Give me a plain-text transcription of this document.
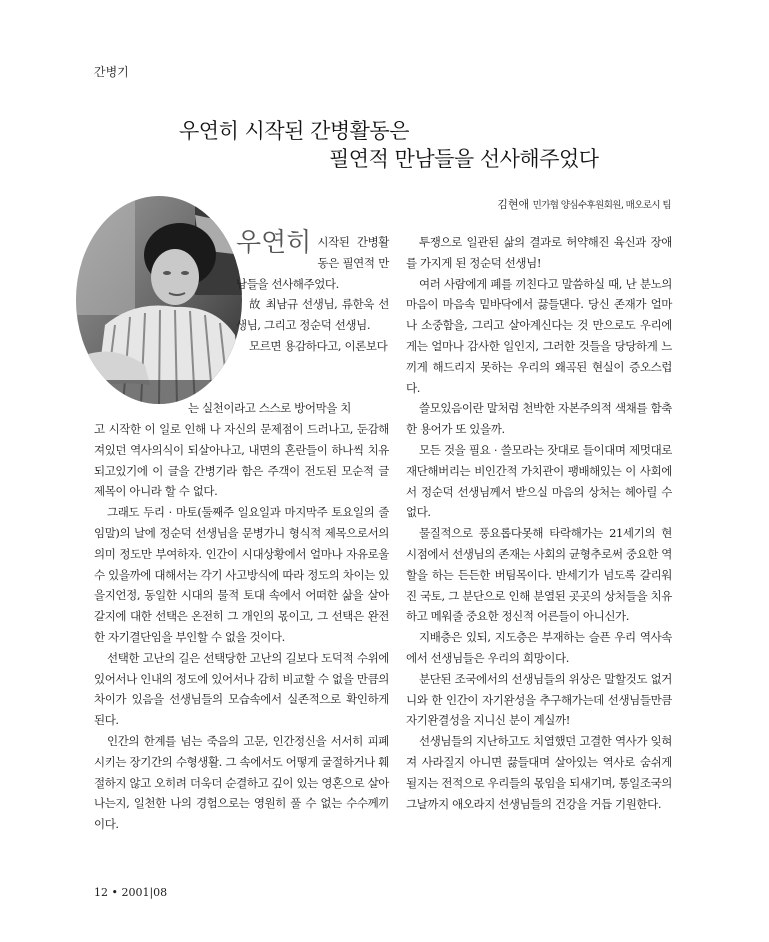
간병기
우연히 시작된 간병활동은
필연적 만남들을 선사해주었다
김현애 민가협 양심수후원회원, 매오로시 팀

우연히 시작된 간병활동은 필연적 만남들을 선사해주었다.

故 최남규 선생님, 류한욱 선생님, 그리고 정순덕 선생님.

모르면 용감하다고, 이론보다

는 실천이라고 스스로 방어막을 치

고 시작한 이 일로 인해 나 자신의 문제점이 드러나고, 둔감해져있던 역사의식이 되살아나고, 내면의 혼란들이 하나씩 치유되고있기에 이 글을 간병기라 함은 주객이 전도된 모순적 글 제목이 아니라 할 수 없다.

그래도 두리 · 마토(둘째주 일요일과 마지막주 토요일의 줄임말)의 날에 정순덕 선생님을 문병가니 형식적 제목으로서의 의미 정도만 부여하자. 인간이 시대상황에서 얼마나 자유로울 수 있을까에 대해서는 각기 사고방식에 따라 정도의 차이는 있을지언정, 동일한 시대의 물적 토대 속에서 어떠한 삶을 살아갈지에 대한 선택은 온전히 그 개인의 몫이고, 그 선택은 완전한 자기결단임을 부인할 수 없을 것이다.

선택한 고난의 길은 선택당한 고난의 길보다 도덕적 수위에 있어서나 인내의 정도에 있어서나 감히 비교할 수 없을 만큼의 차이가 있음을 선생님들의 모습속에서 실존적으로 확인하게 된다.

인간의 한계를 넘는 죽음의 고문, 인간정신을 서서히 피폐시키는 장기간의 수형생활. 그 속에서도 어떻게 굴절하거나 훼절하지 않고 오히려 더욱더 순결하고 깊이 있는 영혼으로 살아나는지, 일천한 나의 경험으로는 영원히 풀 수 없는 수수께끼이다.

투쟁으로 일관된 삶의 결과로 허약해진 육신과 장애를 가지게 된 정순덕 선생님!

여러 사람에게 폐를 끼친다고 말씀하실 때, 난 분노의 마음이 마음속 밑바닥에서 끓들댄다. 당신 존재가 얼마나 소중함을, 그리고 살아계신다는 것 만으로도 우리에게는 얼마나 감사한 일인지, 그러한 것들을 당당하게 느끼게 해드리지 못하는 우리의 왜곡된 현실이 증오스럽다.

쓸모있음이란 말처럼 천박한 자본주의적 색채를 함축한 용어가 또 있을까.

모든 것을 필요 · 쓸모라는 잣대로 들이대며 제멋대로 재단해버리는 비인간적 가치관이 팽배해있는 이 사회에서 정순덕 선생님께서 받으실 마음의 상처는 헤아릴 수 없다.

물질적으로 풍요롭다못해 타락해가는 21세기의 현 시점에서 선생님의 존재는 사회의 균형추로써 중요한 역할을 하는 든든한 버팀목이다. 반세기가 넘도록 갈리워진 국토, 그 분단으로 인해 분열된 곳곳의 상처들을 치유하고 메워줄 중요한 정신적 어른들이 아니신가.

지배층은 있되, 지도층은 부재하는 슬픈 우리 역사속에서 선생님들은 우리의 희망이다.

분단된 조국에서의 선생님들의 위상은 말할것도 없거니와 한 인간이 자기완성을 추구해가는데 선생님들만큼 자기완결성을 지니신 분이 계실까!

선생님들의 지난하고도 치열했던 고결한 역사가 잊혀져 사라질지 아니면 끓들대며 살아있는 역사로 숨쉬게 될지는 전적으로 우리들의 몫임을 되새기며, 통일조국의 그날까지 애오라지 선생님들의 건강을 거듭 기원한다.

12 • 2001|08
